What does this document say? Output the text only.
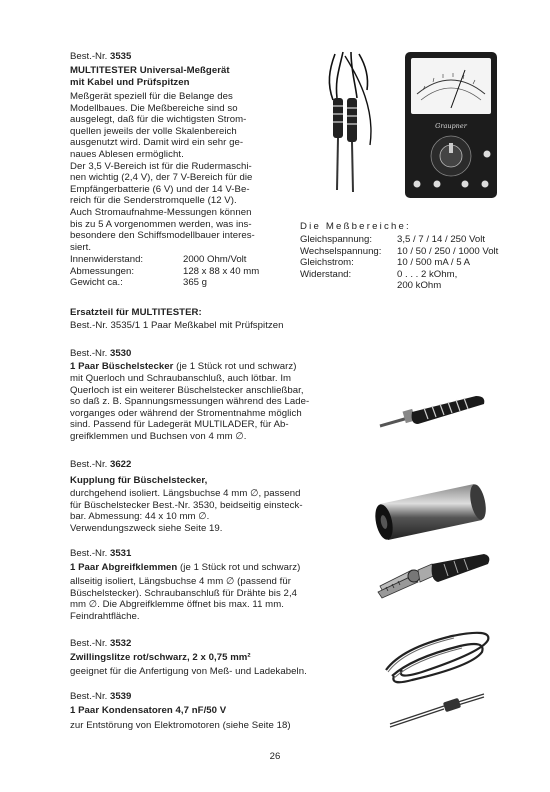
Best.-Nr. 3535
MULTITESTER Universal-Meßgerät
mit Kabel und Prüfspitzen
Meßgerät speziell für die Belange des
Modellbaues. Die Meßbereiche sind so
ausgelegt, daß für die wichtigsten Strom-
quellen jeweils der volle Skalenbereich
ausgenutzt wird. Damit wird ein sehr ge-
naues Ablesen ermöglicht.
Der 3,5 V-Bereich ist für die Rudermaschi-
nen wichtig (2,4 V), der 7 V-Bereich für die
Empfängerbatterie (6 V) und der 14 V-Be-
reich für die Senderstromquelle (12 V).
Auch Stromaufnahme-Messungen können
bis zu 5 A vorgenommen werden, was ins-
besondere den Schiffsmodellbauer interes-
siert.
Innenwiderstand:	2000 Ohm/Volt
Abmessungen:	128 x 88 x 40 mm
Gewicht ca.:	365 g
Graupner
Die Meßbereiche:
Gleichspannung:	3,5 / 7 / 14 / 250 Volt
Wechselspannung:	10 / 50 / 250 / 1000 Volt
Gleichstrom:	10 / 500 mA / 5 A
Widerstand:	0 . . . 2 kOhm,
	200 kOhm
Ersatzteil für MULTITESTER:
Best.-Nr. 3535/1 1 Paar Meßkabel mit Prüfspitzen
Best.-Nr. 3530
1 Paar Büschelstecker (je 1 Stück rot und schwarz)
mit Querloch und Schraubanschluß, auch lötbar. Im
Querloch ist ein weiterer Büschelstecker anschließbar,
so daß z. B. Spannungsmessungen während des Lade-
vorganges oder während der Stromentnahme möglich
sind. Passend für Ladegerät MULTILADER, für Ab-
greifklemmen und Buchsen von 4 mm ∅.
Best.-Nr. 3622
Kupplung für Büschelstecker,
durchgehend isoliert. Längsbuchse 4 mm ∅, passend
für Büschelstecker Best.-Nr. 3530, beidseitig einsteck-
bar. Abmessung: 44 x 10 mm ∅.
Verwendungszweck siehe Seite 19.
Best.-Nr. 3531
1 Paar Abgreifklemmen (je 1 Stück rot und schwarz)
allseitig isoliert, Längsbuchse 4 mm ∅ (passend für
Büschelstecker). Schraubanschluß für Drähte bis 2,4
mm ∅. Die Abgreifklemme öffnet bis max. 11 mm.
Feindrahtfläche.
Best.-Nr. 3532
Zwillingslitze rot/schwarz, 2 x 0,75 mm²
geeignet für die Anfertigung von Meß- und Ladekabeln.
Best.-Nr. 3539
1 Paar Kondensatoren 4,7 nF/50 V
zur Entstörung von Elektromotoren (siehe Seite 18)
26
